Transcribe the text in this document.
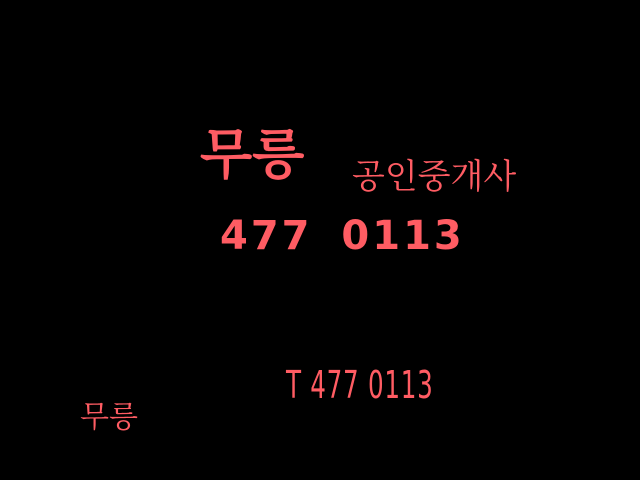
무릉 공인중개사
477 0113
T 477 0113
무릉
